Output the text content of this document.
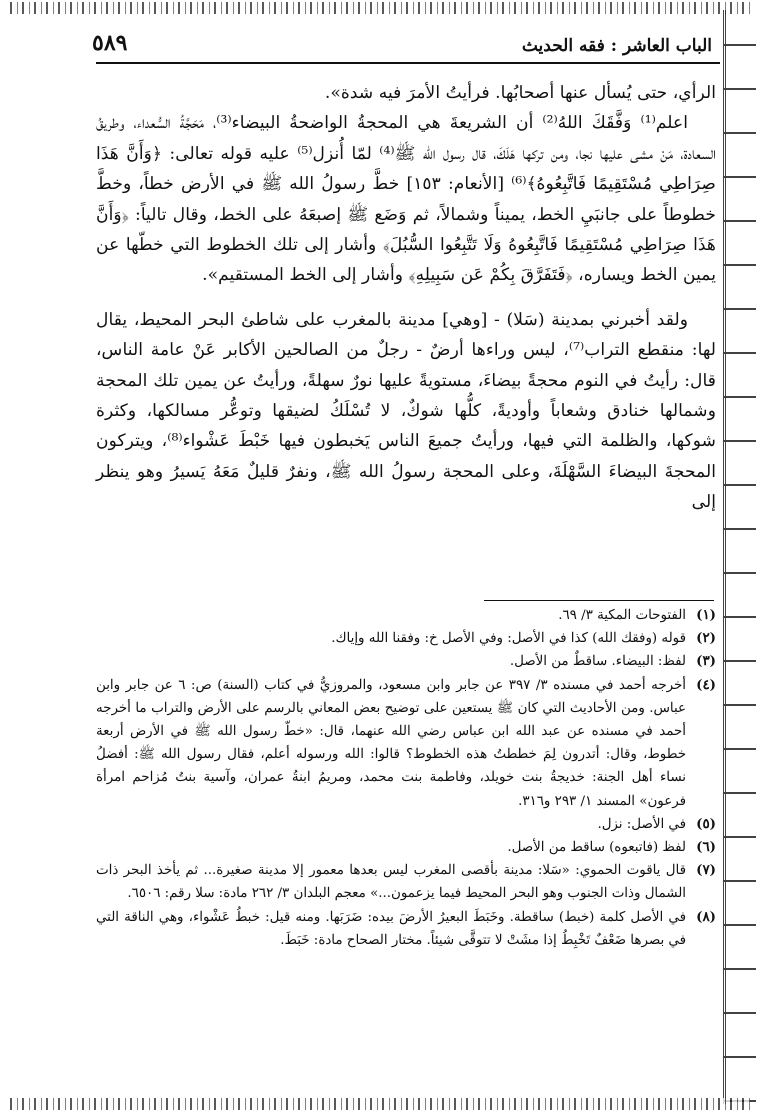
الباب العاشر : فقه الحديث
٥٨٩

الرأي، حتى يُسأل عنها أصحابُها. فرأيتُ الأمرَ فيه شدة».

اعلم⁽¹⁾ وَفَّقَكَ اللهُ⁽²⁾ أن الشريعةَ هي المحجةُ الواضحةُ البيضاء⁽³⁾، مَحَجَّةُ السُّعداء، وطريقُ السعادة، مَنْ مشى عليها نجا، ومن تركها هَلَكَ، قال رسول الله ﷺ⁽⁴⁾ لمّا أُنزل⁽⁵⁾ عليه قوله تعالى: ﴿وَأَنَّ هَذَا صِرَاطِي مُسْتَقِيمًا فَاتَّبِعُوهُ﴾⁽⁶⁾ [الأنعام: ١٥٣] خطَّ رسولُ الله ﷺ في الأرض خطاً، وخطَّ خطوطاً على جانبَيِ الخط، يميناً وشمالاً، ثم وَضَع ﷺ إصبعَهُ على الخط، وقال تالياً: ﴿وَأَنَّ هَذَا صِرَاطِي مُسْتَقِيمًا فَاتَّبِعُوهُ وَلَا تَتَّبِعُوا السُّبُلَ﴾ وأشار إلى تلك الخطوط التي خطّها عن يمين الخط ويساره، ﴿فَتَفَرَّقَ بِكُمْ عَن سَبِيلِهِ﴾ وأشار إلى الخط المستقيم».

ولقد أخبرني بمدينة (سَلا) - [وهي] مدينة بالمغرب على شاطئ البحر المحيط، يقال لها: منقطع التراب⁽⁷⁾، ليس وراءها أرضٌ - رجلٌ من الصالحين الأكابر عَنْ عامة الناس، قال: رأيتُ في النوم محجةً بيضاءَ، مستويةً عليها نورٌ سهلةً، ورأيتُ عن يمين تلك المحجة وشمالها خنادق وشعاباً وأوديةً، كلُّها شوكٌ، لا تُسْلَكُ لضيقها وتوعُّر مسالكها، وكثرة شوكها، والظلمة التي فيها، ورأيتُ جميعَ الناس يَخبطون فيها خَبْطَ عَشْواء⁽⁸⁾، ويتركون المحجةَ البيضاءَ السَّهْلَةَ، وعلى المحجة رسولُ الله ﷺ، ونفرٌ قليلٌ مَعَهُ يَسيرُ وهو ينظر إلى

(١)
الفتوحات المكية ٣/ ٦٩.
(٢)
قوله (وفقك الله) كذا في الأصل: وفي الأصل خ: وفقنا الله وإياك.
(٣)
لفظ: البيضاء. ساقطٌ من الأصل.
(٤)
أخرجه أحمد في مسنده ٣/ ٣٩٧ عن جابر وابن مسعود، والمروزيُّ في كتاب (السنة) ص: ٦ عن جابر وابن عباس. ومن الأحاديث التي كان ﷺ يستعين على توضيح بعض المعاني بالرسم على الأرض والتراب ما أخرجه أحمد في مسنده عن عبد الله ابن عباس رضي الله عنهما، قال: «خطّ رسول الله ﷺ في الأرض أربعة خطوط، وقال: أتدرون لِمَ خططتُ هذه الخطوط؟ قالوا: الله ورسوله أعلم، فقال رسول الله ﷺ: أفضلُ نساء أهل الجنة: خديجةُ بنت خويلد، وفاطمة بنت محمد، ومريمُ ابنةُ عمران، وآسية بنتُ مُزاحم امرأة فرعون» المسند ١/ ٢٩٣ و٣١٦.
(٥)
في الأصل: نزل.
(٦)
لفظ (فاتبعوه) ساقط من الأصل.
(٧)
قال ياقوت الحموي: «سَلا: مدينة بأقصى المغرب ليس بعدها معمور إلا مدينة صغيرة... ثم يأخذ البحر ذات الشمال وذات الجنوب وهو البحر المحيط فيما يزعمون...» معجم البلدان ٣/ ٢٦٢ مادة: سلا رقم: ٦٥٠٦.
(٨)
في الأصل كلمة (خبط) ساقطة. وخَبَطَ البعيرُ الأرضَ بيده: ضَرَبَها. ومنه قيل: خبطُ عَشْواء، وهي الناقة التي في بصرها ضَعْفٌ تَخْبِطُ إذا مشَتْ لا تتوقَّى شيئاً. مختار الصحاح مادة: خَبَطَ.
